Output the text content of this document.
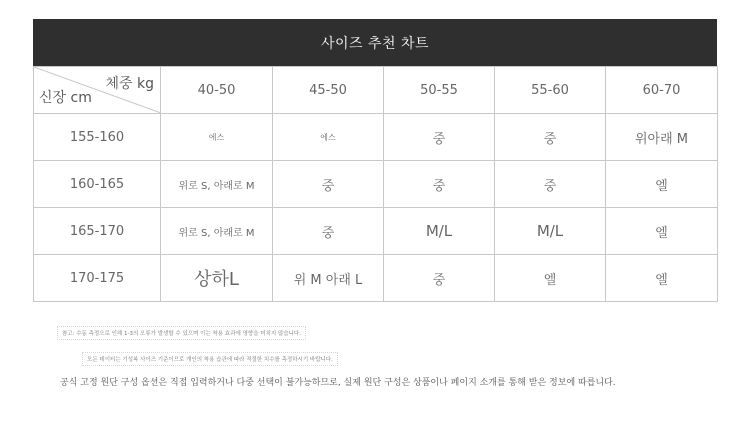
사이즈 추천 차트
체중 kg
신장 cm	40-50	45-50	50-55	55-60	60-70
155-160	에스	에스	중	중	위아래 M
160-165	위로 S, 아래로 M	중	중	중	엘
165-170	위로 S, 아래로 M	중	M/L	M/L	엘
170-175	상하L	위 M 아래 L	중	엘	엘
참고: 수동 측정으로 인해 1-3의 오류가 발생할 수 있으며 이는 착용 효과에 영향을 미치지 않습니다.
모든 데이터는 기성복 사이즈 기준이므로 개인의 착용 습관에 따라 적절한 치수를 측정하시기 바랍니다.
공식 고정 원단 구성 옵션은 직접 입력하거나 다중 선택이 불가능하므로, 실제 원단 구성은 상품이나 페이지 소개를 통해 받은 정보에 따릅니다.
